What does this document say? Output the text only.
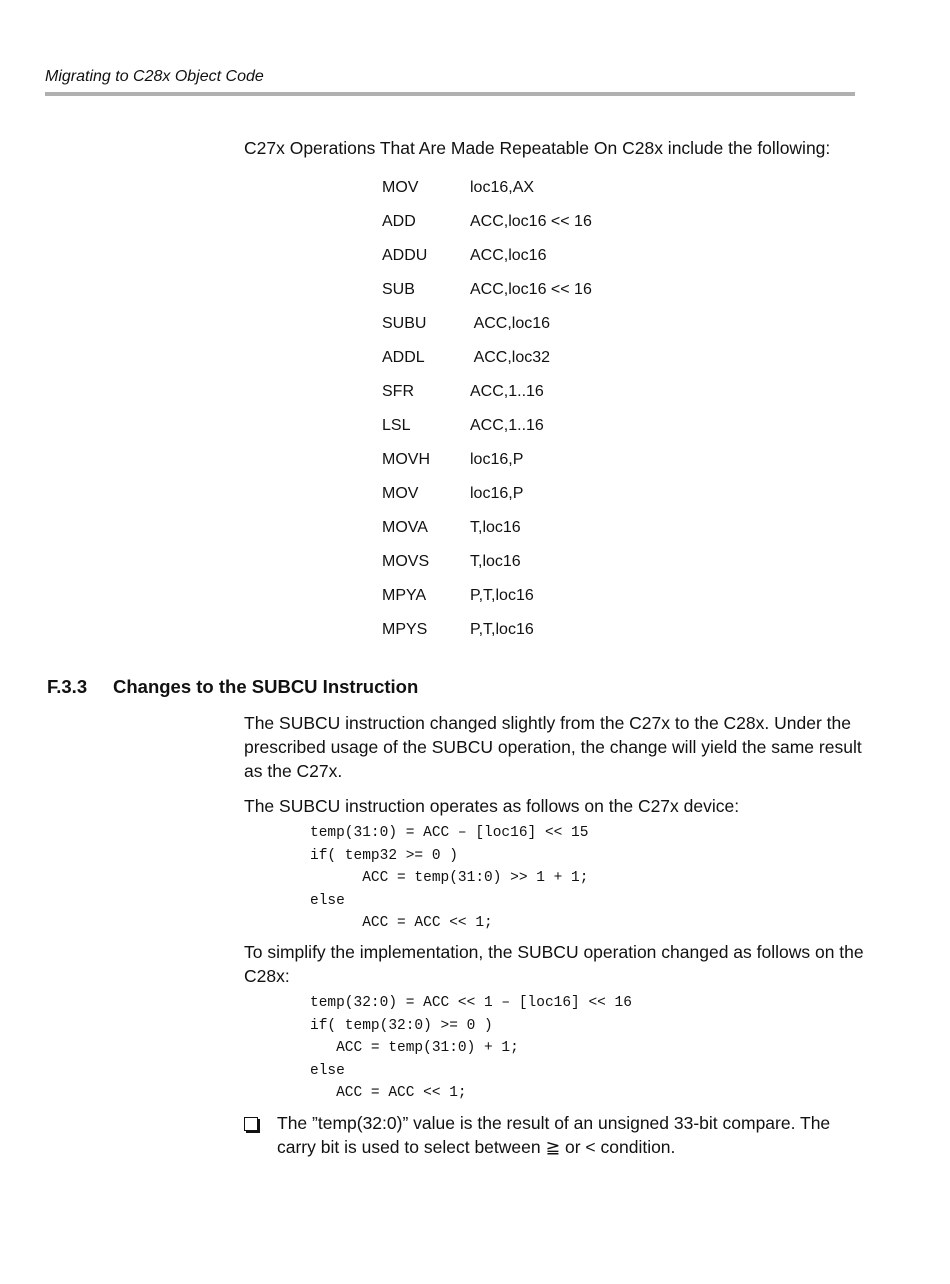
Migrating to C28x Object Code
C27x Operations That Are Made Repeatable On C28x include the following:
MOV	loc16,AX
ADD	ACC,loc16 << 16
ADDU	ACC,loc16
SUB	ACC,loc16 << 16
SUBU	ACC,loc16
ADDL	ACC,loc32
SFR	ACC,1..16
LSL	ACC,1..16
MOVH	loc16,P
MOV	loc16,P
MOVA	T,loc16
MOVS	T,loc16
MPYA	P,T,loc16
MPYS	P,T,loc16
F.3.3 Changes to the SUBCU Instruction
The SUBCU instruction changed slightly from the C27x to the C28x. Under the prescribed usage of the SUBCU operation, the change will yield the same result as the C27x.
The SUBCU instruction operates as follows on the C27x device:
temp(31:0) = ACC – [loc16] << 15
if( temp32 >= 0 )
ACC = temp(31:0) >> 1 + 1;
else
ACC = ACC << 1;
To simplify the implementation, the SUBCU operation changed as follows on the C28x:
temp(32:0) = ACC << 1 – [loc16] << 16
if( temp(32:0) >= 0 )
ACC = temp(31:0) + 1;
else
ACC = ACC << 1;
The ”temp(32:0)” value is the result of an unsigned 33-bit compare. The carry bit is used to select between ≧ or < condition.
